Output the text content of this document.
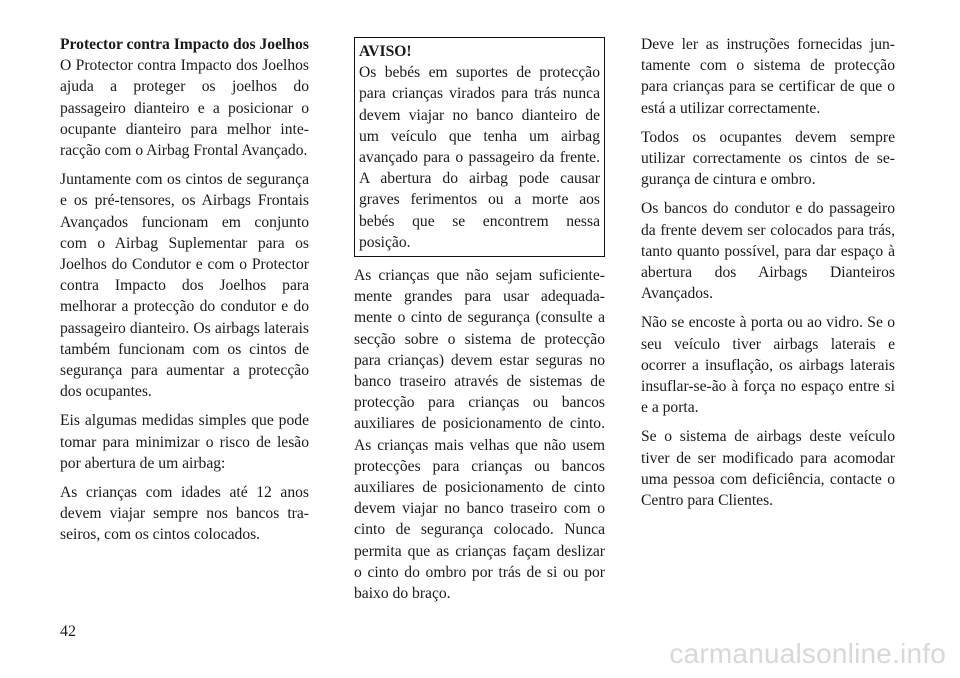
Protector contra Impacto dos Joelhos
O Protector contra Impacto dos Joelhos ajuda a proteger os joelhos do passageiro dianteiro e a posicionar o ocupante dianteiro para melhor interacção com o Airbag Frontal Avançado.

Juntamente com os cintos de segurança e os pré-tensores, os Airbags Frontais Avançados funcionam em conjunto com o Airbag Suplementar para os Joelhos do Condutor e com o Protector contra Impacto dos Joelhos para melhorar a protecção do condutor e do passageiro dianteiro. Os airbags laterais também funcionam com os cintos de segurança para aumentar a protecção dos ocupantes.

Eis algumas medidas simples que pode tomar para minimizar o risco de lesão por abertura de um airbag:

As crianças com idades até 12 anos devem viajar sempre nos bancos traseiros, com os cintos colocados.

AVISO!
Os bebés em suportes de protecção para crianças virados para trás nunca devem viajar no banco dianteiro de um veículo que tenha um airbag avançado para o passageiro da frente. A abertura do airbag pode causar graves ferimentos ou a morte aos bebés que se encontrem nessa posição.

As crianças que não sejam suficientemente grandes para usar adequadamente o cinto de segurança (consulte a secção sobre o sistema de protecção para crianças) devem estar seguras no banco traseiro através de sistemas de protecção para crianças ou bancos auxiliares de posicionamento de cinto. As crianças mais velhas que não usem protecções para crianças ou bancos auxiliares de posicionamento de cinto devem viajar no banco traseiro com o cinto de segurança colocado. Nunca permita que as crianças façam deslizar o cinto do ombro por trás de si ou por baixo do braço.

Deve ler as instruções fornecidas juntamente com o sistema de protecção para crianças para se certificar de que o está a utilizar correctamente.

Todos os ocupantes devem sempre utilizar correctamente os cintos de segurança de cintura e ombro.

Os bancos do condutor e do passageiro da frente devem ser colocados para trás, tanto quanto possível, para dar espaço à abertura dos Airbags Dianteiros Avançados.

Não se encoste à porta ou ao vidro. Se o seu veículo tiver airbags laterais e ocorrer a insuflação, os airbags laterais insuflar-se-ão à força no espaço entre si e a porta.

Se o sistema de airbags deste veículo tiver de ser modificado para acomodar uma pessoa com deficiência, contacte o Centro para Clientes.

42
carmanualsonline.info
